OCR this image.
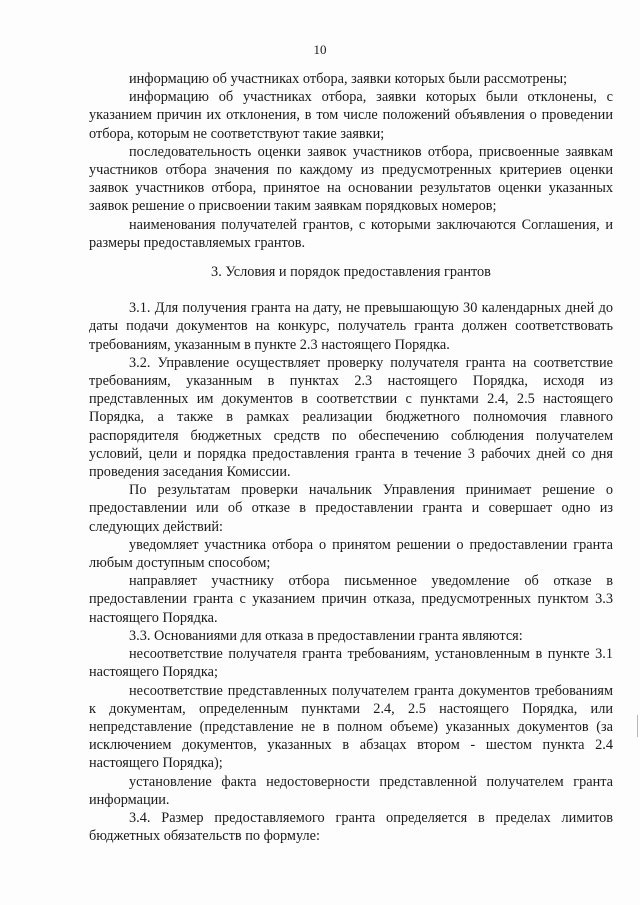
10

информацию об участниках отбора, заявки которых были рассмотрены;

информацию об участниках отбора, заявки которых были отклонены, с указанием причин их отклонения, в том числе положений объявления о проведении отбора, которым не соответствуют такие заявки;

последовательность оценки заявок участников отбора, присвоенные заявкам участников отбора значения по каждому из предусмотренных критериев оценки заявок участников отбора, принятое на основании результатов оценки указанных заявок решение о присвоении таким заявкам порядковых номеров;

наименования получателей грантов, с которыми заключаются Соглашения, и размеры предоставляемых грантов.

3. Условия и порядок предоставления грантов

3.1. Для получения гранта на дату, не превышающую 30 календарных дней до даты подачи документов на конкурс, получатель гранта должен соответствовать требованиям, указанным в пункте 2.3 настоящего Порядка.

3.2. Управление осуществляет проверку получателя гранта на соответствие требованиям, указанным в пунктах 2.3 настоящего Порядка, исходя из представленных им документов в соответствии с пунктами 2.4, 2.5 настоящего Порядка, а также в рамках реализации бюджетного полномочия главного распорядителя бюджетных средств по обеспечению соблюдения получателем условий, цели и порядка предоставления гранта в течение 3 рабочих дней со дня проведения заседания Комиссии.

По результатам проверки начальник Управления принимает решение о предоставлении или об отказе в предоставлении гранта и совершает одно из следующих действий:

уведомляет участника отбора о принятом решении о предоставлении гранта любым доступным способом;

направляет участнику отбора письменное уведомление об отказе в предоставлении гранта с указанием причин отказа, предусмотренных пунктом 3.3 настоящего Порядка.

3.3. Основаниями для отказа в предоставлении гранта являются:

несоответствие получателя гранта требованиям, установленным в пункте 3.1 настоящего Порядка;

несоответствие представленных получателем гранта документов требованиям к документам, определенным пунктами 2.4, 2.5 настоящего Порядка, или непредставление (представление не в полном объеме) указанных документов (за исключением документов, указанных в абзацах втором - шестом пункта 2.4 настоящего Порядка);

установление факта недостоверности представленной получателем гранта информации.

3.4. Размер предоставляемого гранта определяется в пределах лимитов бюджетных обязательств по формуле:
